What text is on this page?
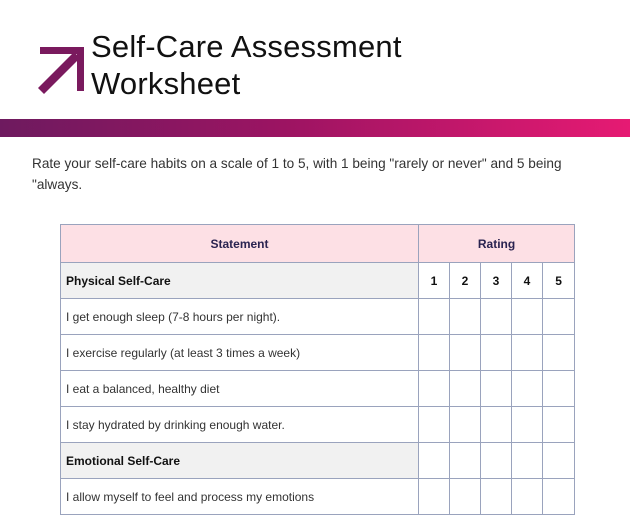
Self-Care Assessment
Worksheet

Rate your self-care habits on a scale of 1 to 5, with 1 being "rarely or never" and 5 being "always.

Statement	Rating				
Physical Self-Care	1	2	3	4	5
I get enough sleep (7-8 hours per night).					
I exercise regularly (at least 3 times a week)					
I eat a balanced, healthy diet					
I stay hydrated by drinking enough water.					
Emotional Self-Care					
I allow myself to feel and process my emotions					
